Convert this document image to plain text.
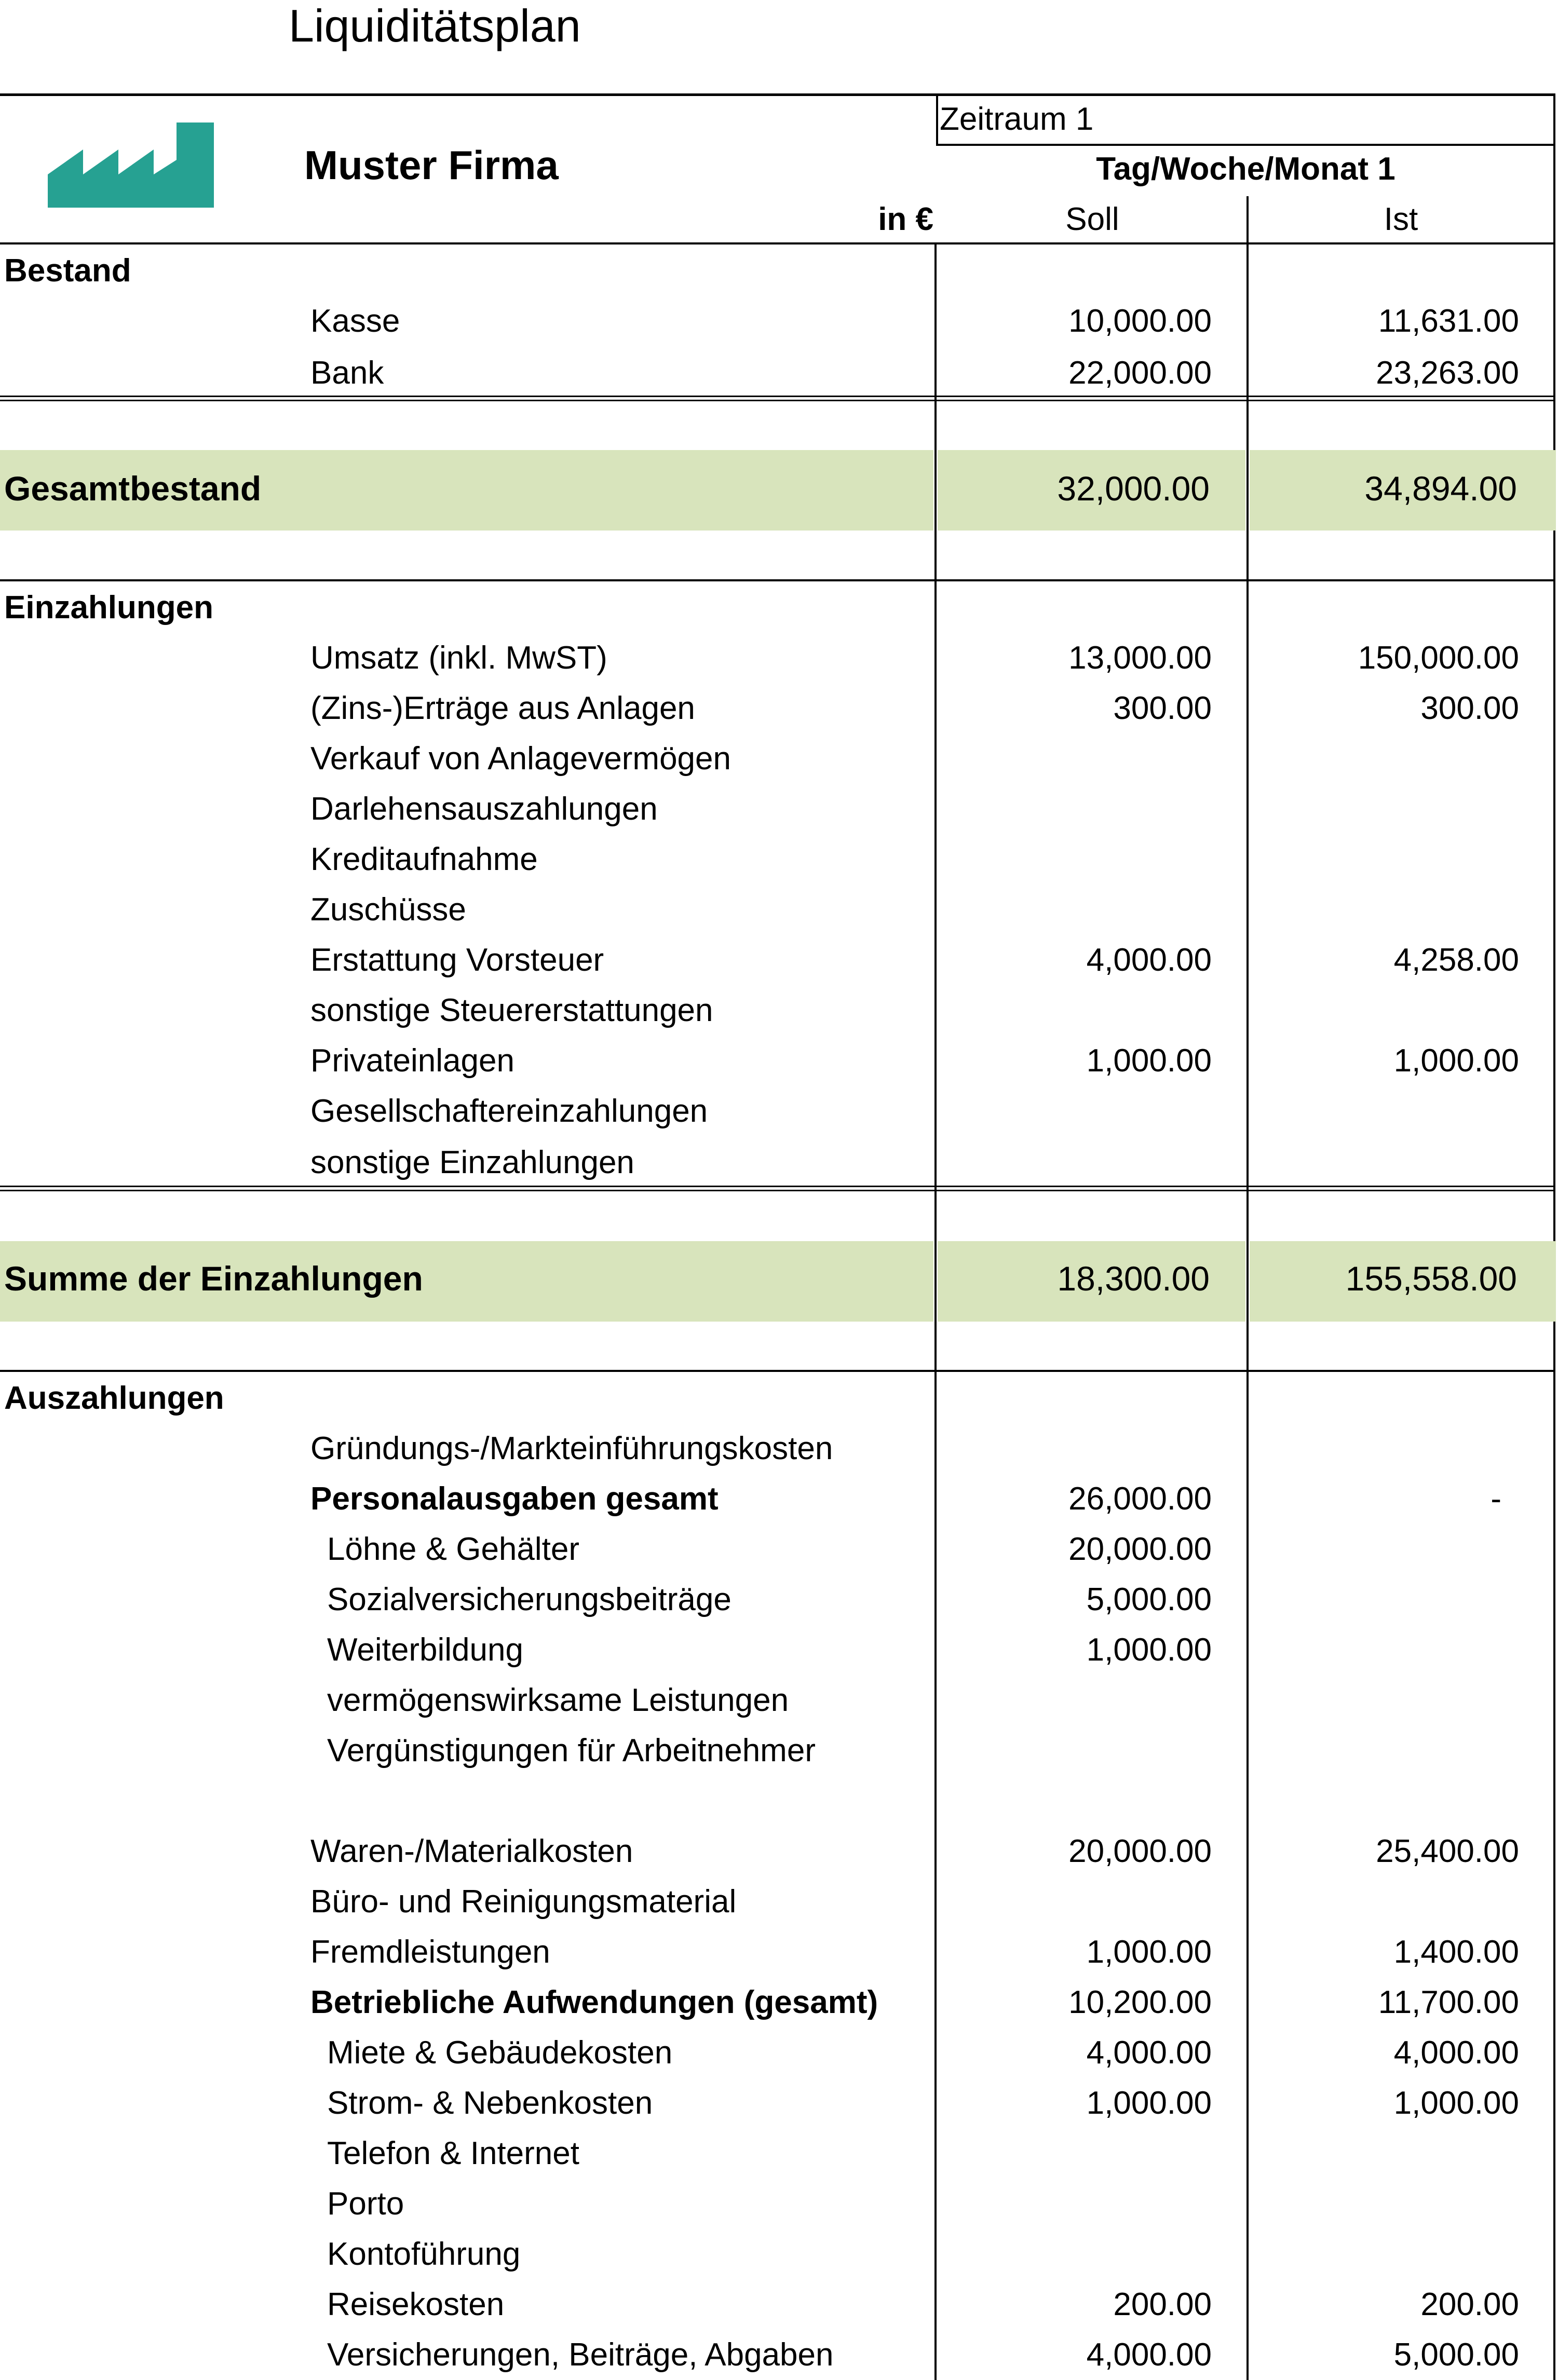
Liquiditätsplan
Muster Firma
Zeitraum 1
Tag/Woche/Monat 1
in €	Soll	Ist
Bestand
Kasse	10,000.00	11,631.00
Bank	22,000.00	23,263.00
Gesamtbestand	32,000.00	34,894.00
Einzahlungen
Umsatz (inkl. MwST)	13,000.00	150,000.00
(Zins-)Erträge aus Anlagen	300.00	300.00
Verkauf von Anlagevermögen
Darlehensauszahlungen
Kreditaufnahme
Zuschüsse
Erstattung Vorsteuer	4,000.00	4,258.00
sonstige Steuererstattungen
Privateinlagen	1,000.00	1,000.00
Gesellschaftereinzahlungen
sonstige Einzahlungen
Summe der Einzahlungen	18,300.00	155,558.00
Auszahlungen
Gründungs-/Markteinführungskosten
Personalausgaben gesamt	26,000.00	-
Löhne & Gehälter	20,000.00
Sozialversicherungsbeiträge	5,000.00
Weiterbildung	1,000.00
vermögenswirksame Leistungen
Vergünstigungen für Arbeitnehmer
Waren-/Materialkosten	20,000.00	25,400.00
Büro- und Reinigungsmaterial
Fremdleistungen	1,000.00	1,400.00
Betriebliche Aufwendungen (gesamt)	10,200.00	11,700.00
Miete & Gebäudekosten	4,000.00	4,000.00
Strom- & Nebenkosten	1,000.00	1,000.00
Telefon & Internet
Porto
Kontoführung
Reisekosten	200.00	200.00
Versicherungen, Beiträge, Abgaben	4,000.00	5,000.00
